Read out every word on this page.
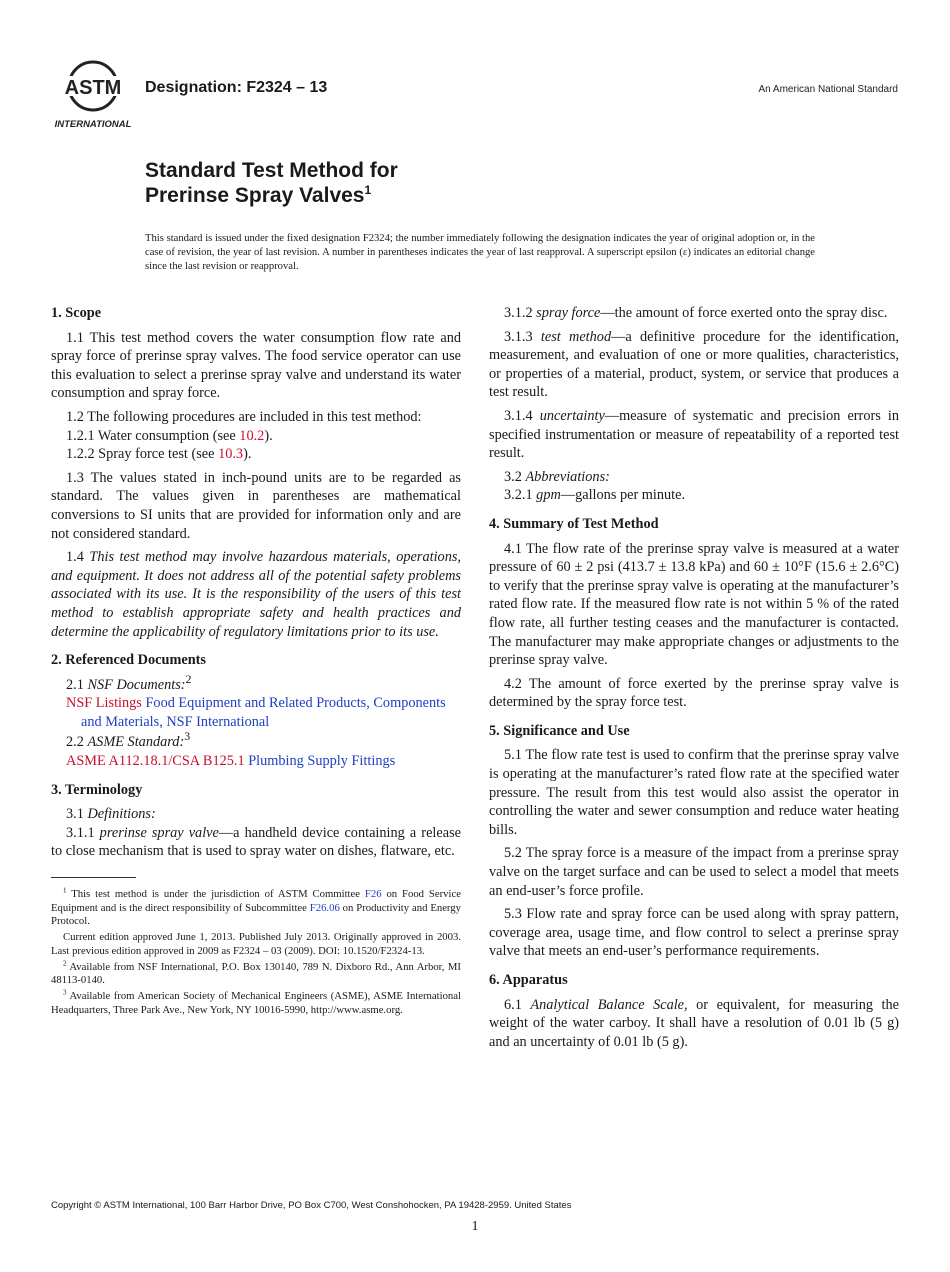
ASTM
INTERNATIONAL
Designation: F2324 – 13	An American National Standard
Standard Test Method for
Prerinse Spray Valves$^1$
This standard is issued under the fixed designation F2324; the number immediately following the designation indicates the year of original adoption or, in the case of revision, the year of last revision. A number in parentheses indicates the year of last reapproval. A superscript epsilon (ε) indicates an editorial change since the last revision or reapproval.
1. Scope

1.1 This test method covers the water consumption flow rate and spray force of prerinse spray valves. The food service operator can use this evaluation to select a prerinse spray valve and understand its water consumption and spray force.

1.2 The following procedures are included in this test method:

1.2.1 Water consumption (see 10.2).
1.2.2 Spray force test (see 10.3).

1.3 The values stated in inch-pound units are to be regarded as standard. The values given in parentheses are mathematical conversions to SI units that are provided for information only and are not considered standard.

1.4 This test method may involve hazardous materials, operations, and equipment. It does not address all of the potential safety problems associated with its use. It is the responsibility of the users of this test method to establish appropriate safety and health practices and determine the applicability of regulatory limitations prior to its use.

2. Referenced Documents
2.1 NSF Documents:$^2$
NSF Listings Food Equipment and Related Products, Components and Materials, NSF International
2.2 ASME Standard:$^3$
ASME A112.18.1/CSA B125.1 Plumbing Supply Fittings
3. Terminology
3.1 Definitions:

3.1.1 prerinse spray valve—a handheld device containing a release to close mechanism that is used to spray water on dishes, flatware, etc.

$^1$ This test method is under the jurisdiction of ASTM Committee F26 on Food Service Equipment and is the direct responsibility of Subcommittee F26.06 on Productivity and Energy Protocol.
Current edition approved June 1, 2013. Published July 2013. Originally approved in 2003. Last previous edition approved in 2009 as F2324 – 03 (2009). DOI: 10.1520/F2324-13.
$^2$ Available from NSF International, P.O. Box 130140, 789 N. Dixboro Rd., Ann Arbor, MI 48113-0140.
$^3$ Available from American Society of Mechanical Engineers (ASME), ASME International Headquarters, Three Park Ave., New York, NY 10016-5990, http://www.asme.org.

3.1.2 spray force—the amount of force exerted onto the spray disc.

3.1.3 test method—a definitive procedure for the identification, measurement, and evaluation of one or more qualities, characteristics, or properties of a material, product, system, or service that produces a test result.

3.1.4 uncertainty—measure of systematic and precision errors in specified instrumentation or measure of repeatability of a reported test result.

3.2 Abbreviations:
3.2.1 gpm—gallons per minute.
4. Summary of Test Method

4.1 The flow rate of the prerinse spray valve is measured at a water pressure of 60 ± 2 psi (413.7 ± 13.8 kPa) and 60 ± 10°F (15.6 ± 2.6°C) to verify that the prerinse spray valve is operating at the manufacturer’s rated flow rate. If the measured flow rate is not within 5 % of the rated flow rate, all further testing ceases and the manufacturer is contacted. The manufacturer may make appropriate changes or adjustments to the prerinse spray valve.

4.2 The amount of force exerted by the prerinse spray valve is determined by the spray force test.

5. Significance and Use

5.1 The flow rate test is used to confirm that the prerinse spray valve is operating at the manufacturer’s rated flow rate at the specified water pressure. The result from this test would also assist the operator in controlling the water and sewer consumption and reduce water heating bills.

5.2 The spray force is a measure of the impact from a prerinse spray valve on the target surface and can be used to select a model that meets an end-user’s force profile.

5.3 Flow rate and spray force can be used along with spray pattern, coverage area, usage time, and flow control to select a prerinse spray valve that meets an end-user’s performance requirements.

6. Apparatus

6.1 Analytical Balance Scale, or equivalent, for measuring the weight of the water carboy. It shall have a resolution of 0.01 lb (5 g) and an uncertainty of 0.01 lb (5 g).

Copyright © ASTM International, 100 Barr Harbor Drive, PO Box C700, West Conshohocken, PA 19428-2959. United States
1
